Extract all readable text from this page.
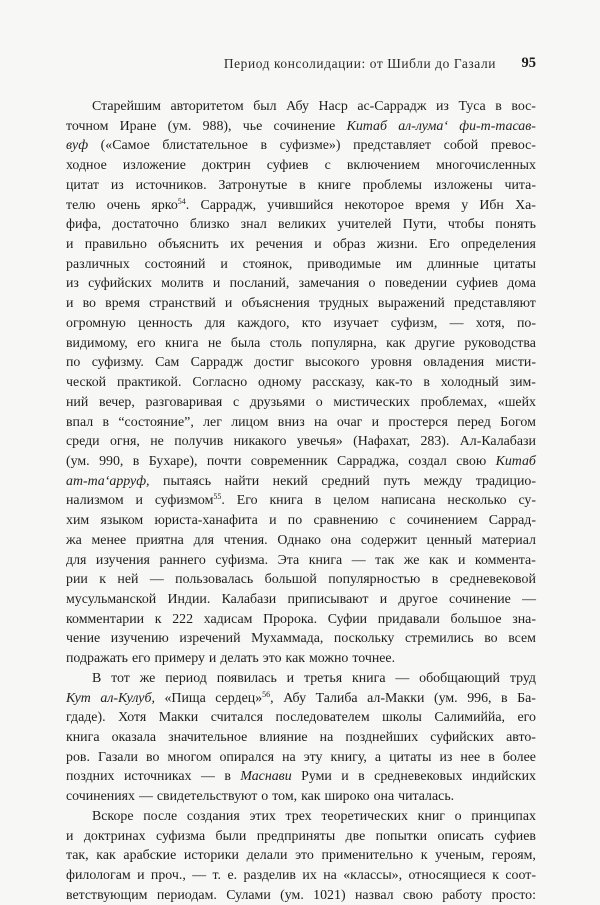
Период консолидации: от Шибли до Газали 95
Старейшим авторитетом был Абу Наср ас-Саррадж из Туса в вос-
точном Иране (ум. 988), чье сочинение Китаб ал-лума‘ фи-т-тасав-
вуф («Самое блистательное в суфизме») представляет собой превос-
ходное изложение доктрин суфиев с включением многочисленных
цитат из источников. Затронутые в книге проблемы изложены чита-
телю очень ярко$^{54}$. Саррадж, учившийся некоторое время у Ибн Ха-
фифа, достаточно близко знал великих учителей Пути, чтобы понять
и правильно объяснить их речения и образ жизни. Его определения
различных состояний и стоянок, приводимые им длинные цитаты
из суфийских молитв и посланий, замечания о поведении суфиев дома
и во время странствий и объяснения трудных выражений представляют
огромную ценность для каждого, кто изучает суфизм, — хотя, по-
видимому, его книга не была столь популярна, как другие руководства
по суфизму. Сам Саррадж достиг высокого уровня овладения мисти-
ческой практикой. Согласно одному рассказу, как-то в холодный зим-
ний вечер, разговаривая с друзьями о мистических проблемах, «шейх
впал в “состояние”, лег лицом вниз на очаг и простерся перед Богом
среди огня, не получив никакого увечья» (Нафахат, 283). Ал-Калабази
(ум. 990, в Бухаре), почти современник Сарраджа, создал свою Китаб
ат-та‘арруф, пытаясь найти некий средний путь между традицио-
нализмом и суфизмом$^{55}$. Его книга в целом написана несколько су-
хим языком юриста-ханафита и по сравнению с сочинением Саррад-
жа менее приятна для чтения. Однако она содержит ценный материал
для изучения раннего суфизма. Эта книга — так же как и коммента-
рии к ней — пользовалась большой популярностью в средневековой
мусульманской Индии. Калабази приписывают и другое сочинение —
комментарии к 222 хадисам Пророка. Суфии придавали большое зна-
чение изучению изречений Мухаммада, поскольку стремились во всем
подражать его примеру и делать это как можно точнее.
В тот же период появилась и третья книга — обобщающий труд
Кут ал-Кулуб, «Пища сердец»$^{56}$, Абу Талиба ал-Макки (ум. 996, в Ба-
гдаде). Хотя Макки считался последователем школы Салимиййа, его
книга оказала значительное влияние на позднейших суфийских авто-
ров. Газали во многом опирался на эту книгу, а цитаты из нее в более
поздних источниках — в Маснави Руми и в средневековых индийских
сочинениях — свидетельствуют о том, как широко она читалась.
Вскоре после создания этих трех теоретических книг о принципах
и доктринах суфизма были предприняты две попытки описать суфиев
так, как арабские историки делали это применительно к ученым, героям,
филологам и проч., — т. е. разделив их на «классы», относящиеся к соот-
ветствующим периодам. Сулами (ум. 1021) назвал свою работу просто:
